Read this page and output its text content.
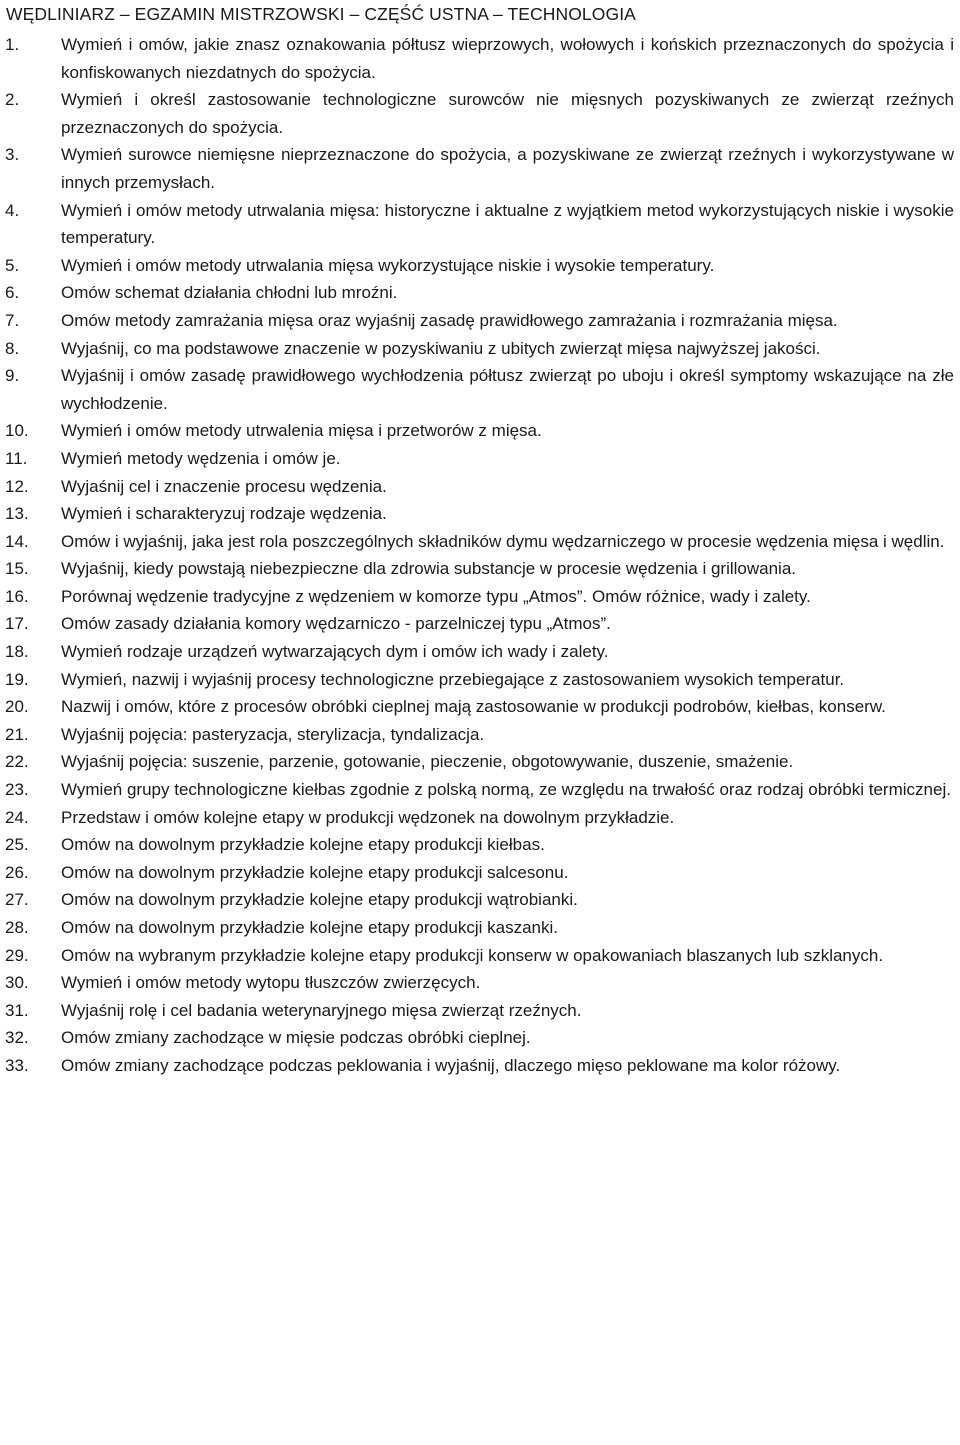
WĘDLINIARZ – EGZAMIN MISTRZOWSKI – CZĘŚĆ USTNA – TECHNOLOGIA
1.	Wymień i omów, jakie znasz oznakowania półtusz wieprzowych, wołowych i końskich przeznaczonych do spożycia i konfiskowanych niezdatnych do spożycia.
2.	Wymień i określ zastosowanie technologiczne surowców nie mięsnych pozyskiwanych ze zwierząt rzeźnych przeznaczonych do spożycia.
3.	Wymień surowce niemięsne nieprzeznaczone do spożycia, a pozyskiwane ze zwierząt rzeźnych i wykorzystywane w innych przemysłach.
4.	Wymień i omów metody utrwalania mięsa: historyczne i aktualne z wyjątkiem metod wykorzystujących niskie i wysokie temperatury.
5.	Wymień i omów metody utrwalania mięsa wykorzystujące niskie i wysokie temperatury.
6.	Omów schemat działania chłodni lub mroźni.
7.	Omów metody zamrażania mięsa oraz wyjaśnij zasadę prawidłowego zamrażania i rozmrażania mięsa.
8.	Wyjaśnij, co ma podstawowe znaczenie w pozyskiwaniu z ubitych zwierząt mięsa najwyższej jakości.
9.	Wyjaśnij i omów zasadę prawidłowego wychłodzenia półtusz zwierząt po uboju i określ symptomy wskazujące na złe wychłodzenie.
10.	Wymień i omów metody utrwalenia mięsa i przetworów z mięsa.
11.	Wymień metody wędzenia i omów je.
12.	Wyjaśnij cel i znaczenie procesu wędzenia.
13.	Wymień i scharakteryzuj rodzaje wędzenia.
14.	Omów i wyjaśnij, jaka jest rola poszczególnych składników dymu wędzarniczego w procesie wędzenia mięsa i wędlin.
15.	Wyjaśnij, kiedy powstają niebezpieczne dla zdrowia substancje w procesie wędzenia i grillowania.
16.	Porównaj wędzenie tradycyjne z wędzeniem w komorze typu „Atmos”. Omów różnice, wady i zalety.
17.	Omów zasady działania komory wędzarniczo - parzelniczej typu „Atmos”.
18.	Wymień rodzaje urządzeń wytwarzających dym i omów ich wady i zalety.
19.	Wymień, nazwij i wyjaśnij procesy technologiczne przebiegające z zastosowaniem wysokich temperatur.
20.	Nazwij i omów, które z procesów obróbki cieplnej mają zastosowanie w produkcji podrobów, kiełbas, konserw.
21.	Wyjaśnij pojęcia: pasteryzacja, sterylizacja, tyndalizacja.
22.	Wyjaśnij pojęcia: suszenie, parzenie, gotowanie, pieczenie, obgotowywanie, duszenie, smażenie.
23.	Wymień grupy technologiczne kiełbas zgodnie z polską normą, ze względu na trwałość oraz rodzaj obróbki termicznej.
24.	Przedstaw i omów kolejne etapy w produkcji wędzonek na dowolnym przykładzie.
25.	Omów na dowolnym przykładzie kolejne etapy produkcji kiełbas.
26.	Omów na dowolnym przykładzie kolejne etapy produkcji salcesonu.
27.	Omów na dowolnym przykładzie kolejne etapy produkcji wątrobianki.
28.	Omów na dowolnym przykładzie kolejne etapy produkcji kaszanki.
29.	Omów na wybranym przykładzie kolejne etapy produkcji konserw w opakowaniach blaszanych lub szklanych.
30.	Wymień i omów metody wytopu tłuszczów zwierzęcych.
31.	Wyjaśnij rolę i cel badania weterynaryjnego mięsa zwierząt rzeźnych.
32.	Omów zmiany zachodzące w mięsie podczas obróbki cieplnej.
33.	Omów zmiany zachodzące podczas peklowania i wyjaśnij, dlaczego mięso peklowane ma kolor różowy.
